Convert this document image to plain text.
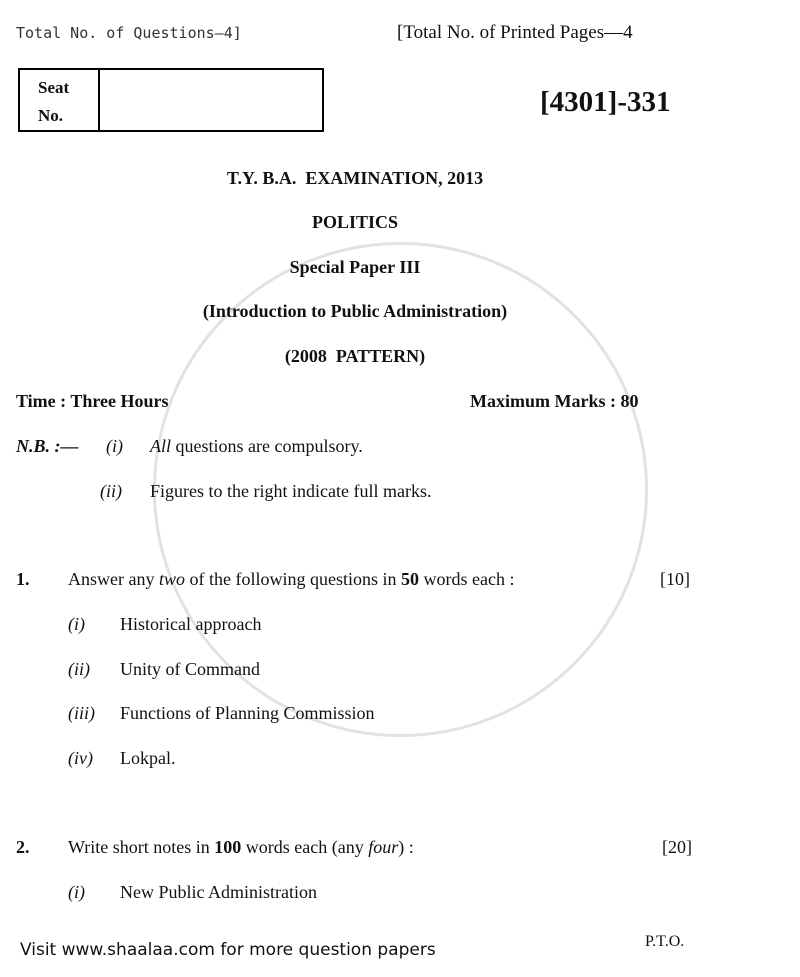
Total No. of Questions—4]	[Total No. of Printed Pages—4
Seat
No.	[4301]-331
T.Y. B.A.  EXAMINATION, 2013
POLITICS
Special Paper III
(Introduction to Public Administration)
(2008  PATTERN)
Time : Three Hours	Maximum Marks : 80
N.B. :— (i) All questions are compulsory.
(ii) Figures to the right indicate full marks.
1. Answer any two of the following questions in 50 words each :	[10]
(i) Historical approach
(ii) Unity of Command
(iii) Functions of Planning Commission
(iv) Lokpal.
2. Write short notes in 100 words each (any four) :	[20]
(i) New Public Administration
Visit www.shaalaa.com for more question papers	P.T.O.
